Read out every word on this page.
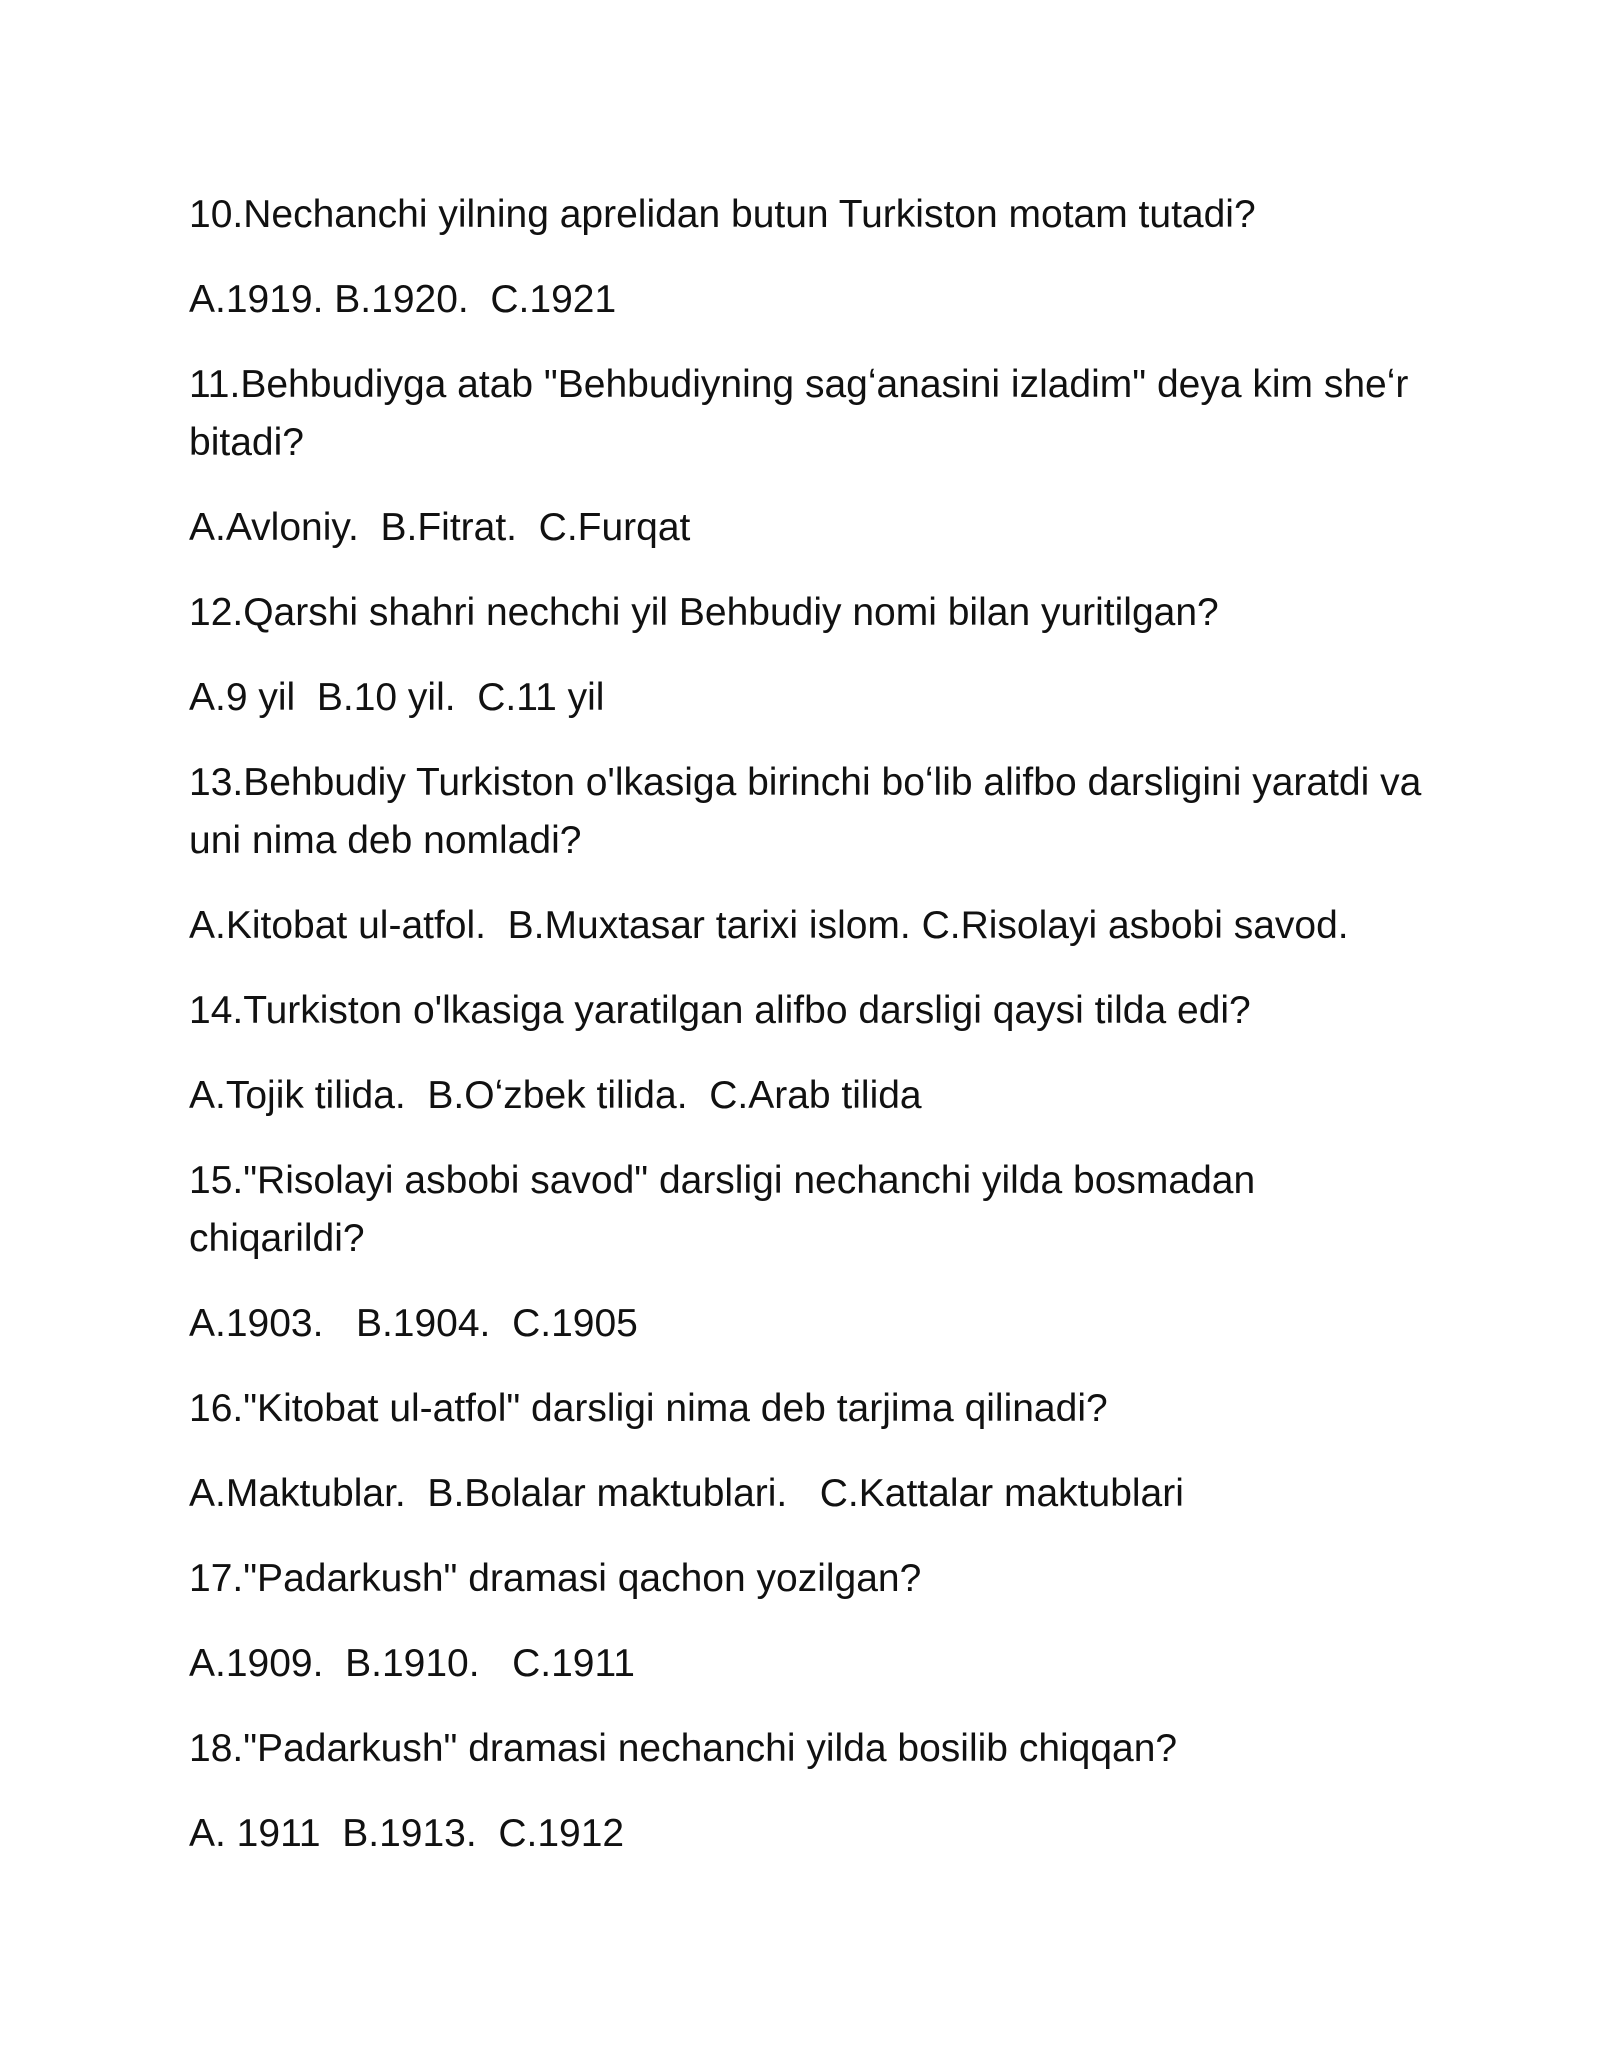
10.Nechanchi yilning aprelidan butun Turkiston motam tutadi?

A.1919. B.1920.  C.1921

11.Behbudiyga atab "Behbudiyning sagʻanasini izladim" deya kim sheʻr bitadi?

A.Avloniy.  B.Fitrat.  C.Furqat

12.Qarshi shahri nechchi yil Behbudiy nomi bilan yuritilgan?

A.9 yil  B.10 yil.  C.11 yil

13.Behbudiy Turkiston o'lkasiga birinchi boʻlib alifbo darsligini yaratdi va uni nima deb nomladi?

A.Kitobat ul-atfol.  B.Muxtasar tarixi islom. C.Risolayi asbobi savod.

14.Turkiston o'lkasiga yaratilgan alifbo darsligi qaysi tilda edi?

A.Tojik tilida.  B.Oʻzbek tilida.  C.Arab tilida

15."Risolayi asbobi savod" darsligi nechanchi yilda bosmadan chiqarildi?

A.1903.   B.1904.  C.1905

16."Kitobat ul-atfol" darsligi nima deb tarjima qilinadi?

A.Maktublar.  B.Bolalar maktublari.   C.Kattalar maktublari

17."Padarkush" dramasi qachon yozilgan?

A.1909.  B.1910.   C.1911

18."Padarkush" dramasi nechanchi yilda bosilib chiqqan?

A. 1911  B.1913.  C.1912
